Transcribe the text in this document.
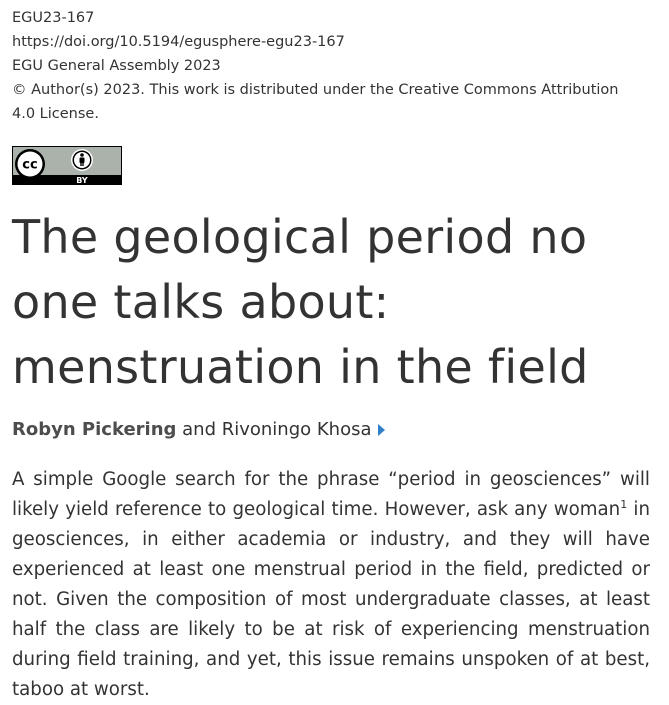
EGU23-167

https://doi.org/10.5194/egusphere-egu23-167

EGU General Assembly 2023

© Author(s) 2023. This work is distributed under the Creative Commons Attribution 4.0 License.

cc
BY
The geological period no one talks about: menstruation in the field
Robyn Pickering and Rivoningo Khosa
A simple Google search for the phrase “period in geosciences” will likely yield reference to geological time. However, ask any woman$^1$ in geosciences, in either academia or industry, and they will have experienced at least one menstrual period in the field, predicted or not. Given the composition of most undergraduate classes, at least half the class are likely to be at risk of experiencing menstruation during field training, and yet, this issue remains unspoken of at best, taboo at worst.
